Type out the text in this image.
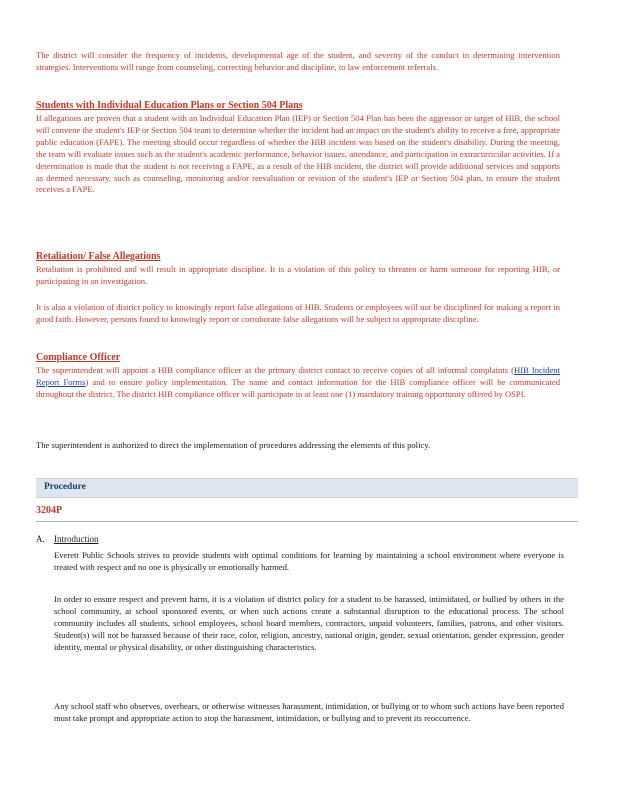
The district will consider the frequency of incidents, developmental age of the student, and severity of the conduct in determining intervention strategies. Interventions will range from counseling, correcting behavior and discipline, to law enforcement referrals.

Students with Individual Education Plans or Section 504 Plans

If allegations are proven that a student with an Individual Education Plan (IEP) or Section 504 Plan has been the aggressor or target of HIB, the school will convene the student's IEP or Section 504 team to determine whether the incident had an impact on the student's ability to receive a free, appropriate public education (FAPE). The meeting should occur regardless of whether the HIB incident was based on the student's disability. During the meeting, the team will evaluate issues such as the student's academic performance, behavior issues, attendance, and participation in extracurricular activities. If a determination is made that the student is not receiving a FAPE, as a result of the HIB incident, the district will provide additional services and supports as deemed necessary, such as counseling, monitoring and/or reevaluation or revision of the student's IEP or Section 504 plan, to ensure the student receives a FAPE.

Retaliation/ False Allegations

Retaliation is prohibited and will result in appropriate discipline. It is a violation of this policy to threaten or harm someone for reporting HIB, or participating in an investigation.

It is also a violation of district policy to knowingly report false allegations of HIB. Students or employees will not be disciplined for making a report in good faith. However, persons found to knowingly report or corroborate false allegations will be subject to appropriate discipline.

Compliance Officer

The superintendent will appoint a HIB compliance officer as the primary district contact to receive copies of all informal complaints (HIB Incident Report Forms) and to ensure policy implementation. The name and contact information for the HIB compliance officer will be communicated throughout the district. The district HIB compliance officer will participate in at least one (1) mandatory training opportunity offered by OSPI.

The superintendent is authorized to direct the implementation of procedures addressing the elements of this policy.

Procedure
3204P
A. Introduction

Everett Public Schools strives to provide students with optimal conditions for learning by maintaining a school environment where everyone is treated with respect and no one is physically or emotionally harmed.

In order to ensure respect and prevent harm, it is a violation of district policy for a student to be harassed, intimidated, or bullied by others in the school community, at school sponsored events, or when such actions create a substantial disruption to the educational process. The school community includes all students, school employees, school board members, contractors, unpaid volunteers, families, patrons, and other visitors. Student(s) will not be harassed because of their race, color, religion, ancestry, national origin, gender, sexual orientation, gender expression, gender identity, mental or physical disability, or other distinguishing characteristics.

Any school staff who observes, overhears, or otherwise witnesses harassment, intimidation, or bullying or to whom such actions have been reported must take prompt and appropriate action to stop the harassment, intimidation, or bullying and to prevent its reoccurrence.
